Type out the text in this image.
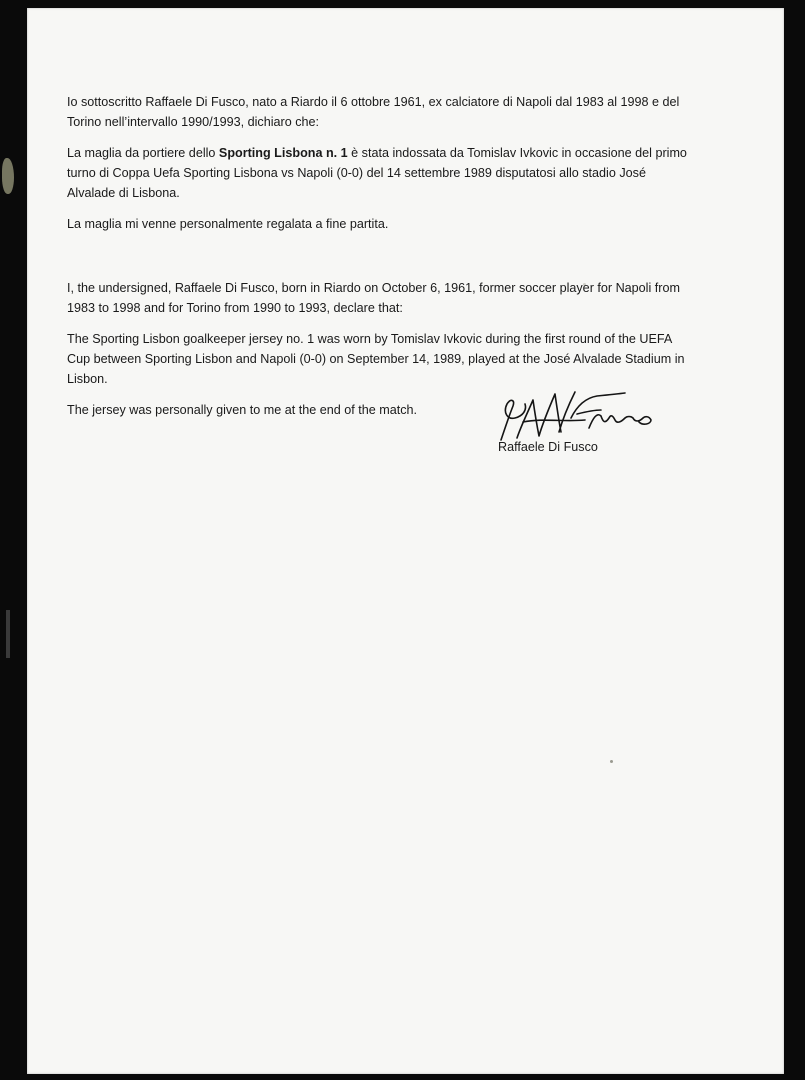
Io sottoscritto Raffaele Di Fusco, nato a Riardo il 6 ottobre 1961, ex calciatore di Napoli dal 1983 al 1998 e del Torino nell’intervallo 1990/1993, dichiaro che:

La maglia da portiere dello Sporting Lisbona n. 1 è stata indossata da Tomislav Ivkovic in occasione del primo turno di Coppa Uefa Sporting Lisbona vs Napoli (0-0) del 14 settembre 1989 disputatosi allo stadio José Alvalade di Lisbona.

La maglia mi venne personalmente regalata a fine partita.

I, the undersigned, Raffaele Di Fusco, born in Riardo on October 6, 1961, former soccer player for Napoli from 1983 to 1998 and for Torino from 1990 to 1993, declare that:

The Sporting Lisbon goalkeeper jersey no. 1 was worn by Tomislav Ivkovic during the first round of the UEFA Cup between Sporting Lisbon and Napoli (0-0) on September 14, 1989, played at the José Alvalade Stadium in Lisbon.

The jersey was personally given to me at the end of the match.

Raffaele Di Fusco
